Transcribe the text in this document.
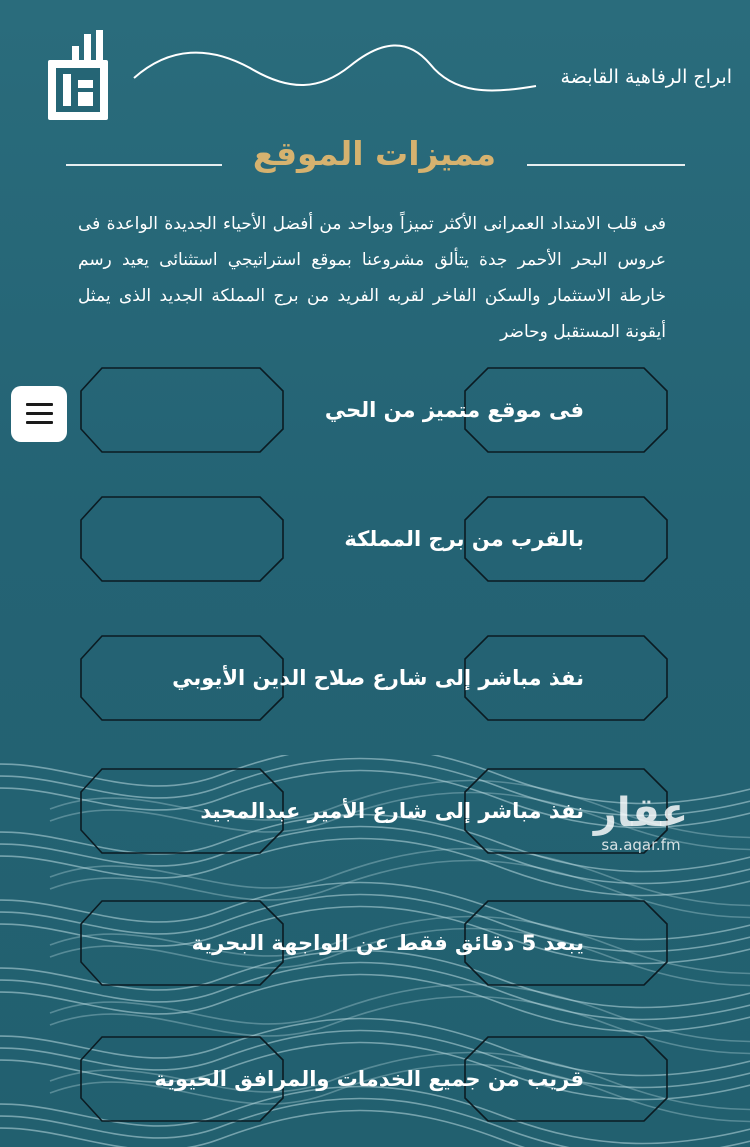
ابراج الرفاهية القابضة
مميزات الموقع
فى قلب الامتداد العمرانى الأكثر تميزاً وبواحد من أفضل الأحياء الجديدة الواعدة فى عروس البحر الأحمر جدة يتألق مشروعنا بموقع استراتيجي استثنائى يعيد رسم خارطة الاستثمار والسكن الفاخر لقربه الفريد من برج المملكة الجديد الذى يمثل أيقونة المستقبل وحاضر
فى موقع متميز من الحي
بالقرب من برج المملكة
نفذ مباشر إلى شارع صلاح الدين الأيوبي
نفذ مباشر إلى شارع الأمير عبدالمجيد
يبعد 5 دقائق فقط عن الواجهة البحرية
قريب من جميع الخدمات والمرافق الحيوية
عقار
sa.aqar.fm
